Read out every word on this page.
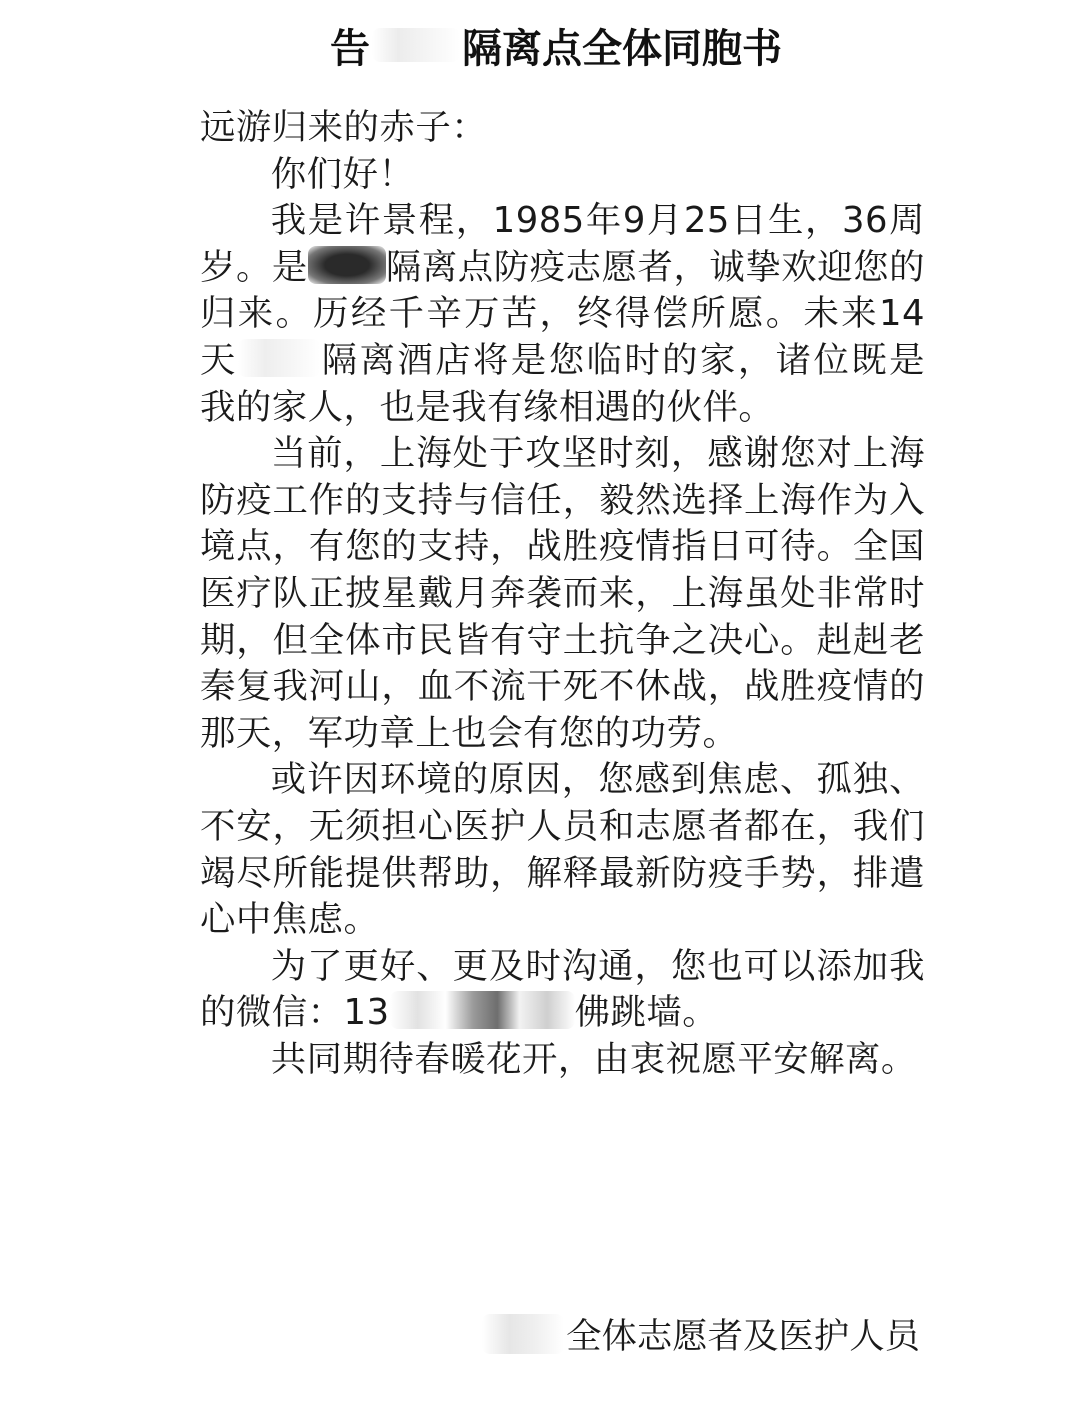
告 隔离点全体同胞书

远游归来的赤子：

你们好！

我是许景程，1985年9月25日生，36周岁。是 隔离点防疫志愿者，诚挚欢迎您的归来。历经千辛万苦，终得偿所愿。未来14天 隔离酒店将是您临时的家，诸位既是我的家人，也是我有缘相遇的伙伴。

当前，上海处于攻坚时刻，感谢您对上海防疫工作的支持与信任，毅然选择上海作为入境点，有您的支持，战胜疫情指日可待。全国医疗队正披星戴月奔袭而来，上海虽处非常时期，但全体市民皆有守土抗争之决心。赳赳老秦复我河山，血不流干死不休战，战胜疫情的那天，军功章上也会有您的功劳。

或许因环境的原因，您感到焦虑、孤独、不安，无须担心医护人员和志愿者都在，我们竭尽所能提供帮助，解释最新防疫手势，排遣心中焦虑。

为了更好、更及时沟通，您也可以添加我的微信：13	佛跳墙。

共同期待春暖花开，由衷祝愿平安解离。

全体志愿者及医护人员
